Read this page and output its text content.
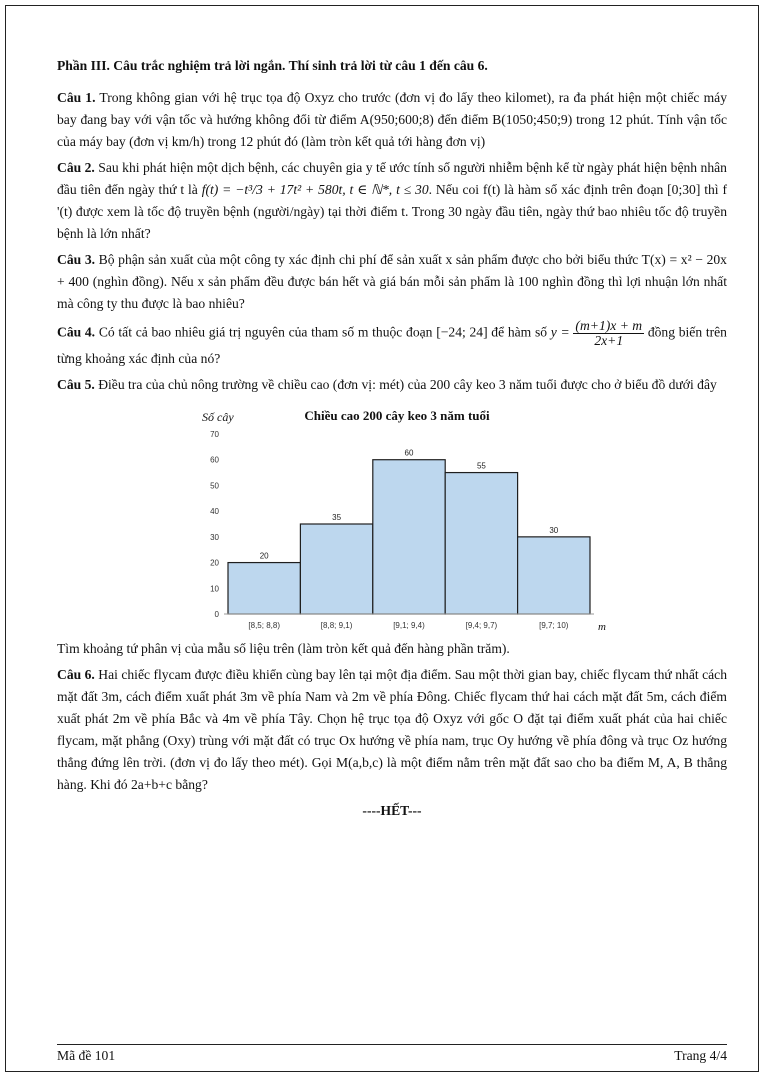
Phần III. Câu trắc nghiệm trả lời ngắn. Thí sinh trả lời từ câu 1 đến câu 6.
Câu 1. Trong không gian với hệ trục tọa độ Oxyz cho trước (đơn vị đo lấy theo kilomet), ra đa phát hiện một chiếc máy bay đang bay với vận tốc và hướng không đổi từ điểm A(950;600;8) đến điểm B(1050;450;9) trong 12 phút. Tính vận tốc của máy bay (đơn vị km/h) trong 12 phút đó (làm tròn kết quả tới hàng đơn vị)
Câu 2. Sau khi phát hiện một dịch bệnh, các chuyên gia y tế ước tính số người nhiễm bệnh kể từ ngày phát hiện bệnh nhân đầu tiên đến ngày thứ t là f(t) = −t³/3 + 17t² + 580t, t ∈ ℕ*, t ≤ 30. Nếu coi f(t) là hàm số xác định trên đoạn [0;30] thì f '(t) được xem là tốc độ truyền bệnh (người/ngày) tại thời điểm t. Trong 30 ngày đầu tiên, ngày thứ bao nhiêu tốc độ truyền bệnh là lớn nhất?
Câu 3. Bộ phận sản xuất của một công ty xác định chi phí để sản xuất x sản phẩm được cho bởi biểu thức T(x) = x² − 20x + 400 (nghìn đồng). Nếu x sản phẩm đều được bán hết và giá bán mỗi sản phẩm là 100 nghìn đồng thì lợi nhuận lớn nhất mà công ty thu được là bao nhiêu?
Câu 4. Có tất cả bao nhiêu giá trị nguyên của tham số m thuộc đoạn [−24; 24] để hàm số $y = \frac{(m+1)x + m}{2x+1}$ đồng biến trên từng khoảng xác định của nó?
Câu 5. Điều tra của chủ nông trường về chiều cao (đơn vị: mét) của 200 cây keo 3 năm tuổi được cho ở biểu đồ dưới đây
Chiều cao 200 cây keo 3 năm tuổi
Số cây
0
10
20
30
40
50
60
70
20
[8,5; 8,8)
35
[8,8; 9,1)
60
[9,1; 9,4)
55
[9,4; 9,7)
30
[9,7; 10)	m
Tìm khoảng tứ phân vị của mẫu số liệu trên (làm tròn kết quả đến hàng phần trăm).
Câu 6. Hai chiếc flycam được điều khiển cùng bay lên tại một địa điểm. Sau một thời gian bay, chiếc flycam thứ nhất cách mặt đất 3m, cách điểm xuất phát 3m về phía Nam và 2m về phía Đông. Chiếc flycam thứ hai cách mặt đất 5m, cách điểm xuất phát 2m về phía Bắc và 4m về phía Tây. Chọn hệ trục tọa độ Oxyz với gốc O đặt tại điểm xuất phát của hai chiếc flycam, mặt phẳng (Oxy) trùng với mặt đất có trục Ox hướng về phía nam, trục Oy hướng về phía đông và trục Oz hướng thẳng đứng lên trời. (đơn vị đo lấy theo mét). Gọi M(a,b,c) là một điểm nằm trên mặt đất sao cho ba điểm M, A, B thẳng hàng. Khi đó 2a+b+c bằng?
----HẾT---
Mã đề 101	Trang 4/4
